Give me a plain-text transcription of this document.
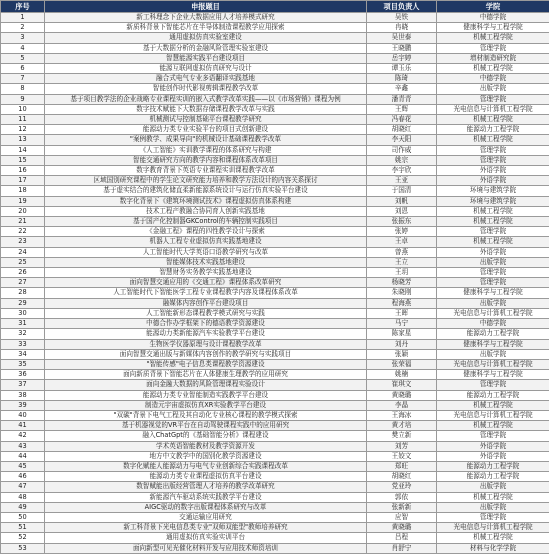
序号	申报题目	项目负责人	学院
1	新工科理念下企业大数据应用人才培养模式研究	吴铁	中德学院
2	新质科背景下智能芯片在半导体制造课程教学应用探索	冉晓	健康科学与工程学院
3	通用虚拟仿真实验室建设	吴世泰	机械工程学院
4	基于大数据分析的金融风险管理实验室建设	王晓鹏	管理学院
5	智慧能源实践平台建设项目	岳宇婷	增材制造研究院
6	能源互联网虚拟仿真研究与设计	谭玉乐	机械工程学院
7	融合式电气专业多语翻译实践基地	陈琦	中德学院
8	智能创作时代影视剪辑课程教学改革	辛鑫	出版学院
9	基于项目教学法的企业战略专业课程实训的嵌入式教学改革实践——以《市场营销》课程为例	潘青青	管理学院
10	数字技术赋能下大数据存储课程教学改革与实践	王辉	光电信息与计算机工程学院
11	机械测试与控制基础平台课程教学研究	冯春花	机械工程学院
12	能源动力类专业实验平台的项目式创新建设	胡晓红	能源动力工程学院
13	"案例教学、成果导向"的机械设计基础课程教学改革	李天阳	机械工程学院
14	《人工智能》实训教学课程的体系研究与构建	司作威	管理学院
15	智能交通研究方向的教学内容和课程体系改革项目	姚宗	管理学院
16	数字教育背景下英语专业课程实训课程教学改革	李宇欣	外语学院
17	区域国别研究课程中的学生论文研究能力培养和教学方法设计的内容关系探讨	王亚	外语学院
18	基于虚实结合的建筑化储直柔新能源系统设计与运行仿真实验平台建设	于国清	环境与建筑学院
19	数字化背景下《建筑环境测试技术》课程虚拟仿真体系构建	刘帆	环境与建筑学院
20	技术工程产教融合协同育人创新实践基地	刘恩	机械工程学院
21	基于国产化控制器GKControl的车辆控制实践项目	张振东	机械工程学院
22	《金融工程》课程的四性教学设计与探索	张婷	管理学院
23	机器人工程专业虚拟仿真实践基地建设	王卓	机械工程学院
24	人工智能时代大学英语口语教学研究与改革	曾燕	外语学院
25	智能媒体技术实践基地建设	王立	出版学院
26	智慧财务实务教学实践基地建设	王玥	管理学院
27	面向智慧交通应用的《交通工程》课程体系改革研究	杨晓芳	管理学院
28	人工智能时代下智能医学工程专业课程教学内容及课程体系改革	朱晓刚	健康科学与工程学院
29	融媒体内容创作平台建设项目	程海燕	出版学院
30	人工智能新形态课程教学模式研究与实践	王晖	光电信息与计算机工程学院
31	中德合作办学框架下的德语教学资源建设	马宁	中德学院
32	能源动力类新能源汽车实验教学平台建设	陈家星	能源动力工程学院
33	生物医学仪器原理与设计课程教学改革	刘丹	健康科学与工程学院
34	面向智慧交通出版与新媒体内容创作的教学研究与实践项目	张颖	出版学院
35	"智能传感"电子信息类课程教学资源建设	张荣福	光电信息与计算机工程学院
36	面向新质背景下智能芯片在人体健康生理教学的应用研究	姚楠	健康科学与工程学院
37	面向金融大数据的风险管理课程实验设计	崔琪文	管理学院
38	能源动力类专业智能制造实践教学平台建设	黄晓璐	能源动力工程学院
39	制造元宇宙虚拟仿真XR实验教学平台建设	李晶	机械工程学院
40	"双碳"背景下电气工程及其自动化专业核心课程的教学模式探索	王海冰	光电信息与计算机工程学院
41	基于机器视觉的VR平台在自动驾驶课程实践中的应用研究	黄才培	机械工程学院
42	融入ChatGpt的《基础智能分析》课程建设	樊立新	管理学院
43	学术英语智能教材及教学资源开发	刘芳	外语学院
44	地方中文教学中的国别化教学资源建设	王姣文	外语学院
45	数字化赋能人能源动力与电气专业创新综合实践课程改革	郑旺	能源动力工程学院
46	能源动力类专业课程虚拟仿真平台建设	胡晓红	能源动力工程学院
47	数智赋能出版经营管理人才培养的教学改革研究	党亚玲	出版学院
48	新能源汽车驱动系统实践教学平台建设	郭依	机械工程学院
49	AIGC驱动的数字出版课程体系研究与改革	张新新	出版学院
50	交通运输应用研究	应智	管理学院
51	新工科背景下光电信息类专业"双师双能型"教师培养研究	黄晓璐	光电信息与计算机工程学院
52	通用虚拟仿真实验实训平台	吕程	机械工程学院
53	面向新型可见光催化材料开发与应用技术师资培训	肖舒宁	材料与化学学院
